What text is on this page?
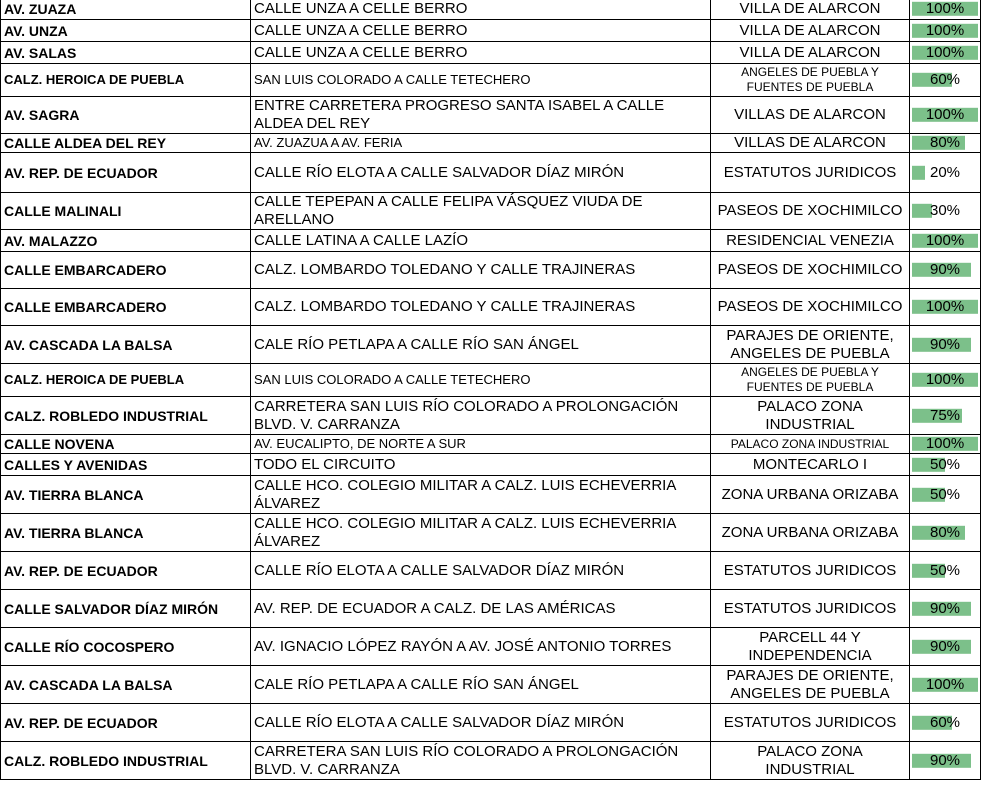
AV. ZUAZA	CALLE UNZA A CELLE BERRO	VILLA DE ALARCON	100%

AV. UNZA	CALLE UNZA A CELLE BERRO	VILLA DE ALARCON	100%

AV. SALAS	CALLE UNZA A CELLE BERRO	VILLA DE ALARCON	100%

CALZ. HEROICA DE PUEBLA	SAN LUIS COLORADO A CALLE TETECHERO	ANGELES DE PUEBLA Y FUENTES DE PUEBLA	60%

AV. SAGRA	ENTRE CARRETERA PROGRESO SANTA ISABEL A CALLE ALDEA DEL REY	VILLAS DE ALARCON	100%

CALLE ALDEA DEL REY	AV. ZUAZUA A AV. FERIA	VILLAS DE ALARCON	80%

AV. REP. DE ECUADOR	CALLE RÍO ELOTA A CALLE SALVADOR DÍAZ MIRÓN	ESTATUTOS JURIDICOS	20%

CALLE MALINALI	CALLE TEPEPAN A CALLE FELIPA VÁSQUEZ VIUDA DE ARELLANO	PASEOS DE XOCHIMILCO	30%

AV. MALAZZO	CALLE LATINA A CALLE LAZÍO	RESIDENCIAL VENEZIA	100%

CALLE EMBARCADERO	CALZ. LOMBARDO TOLEDANO Y CALLE TRAJINERAS	PASEOS DE XOCHIMILCO	90%

CALLE EMBARCADERO	CALZ. LOMBARDO TOLEDANO Y CALLE TRAJINERAS	PASEOS DE XOCHIMILCO	100%

AV. CASCADA LA BALSA	CALE RÍO PETLAPA A CALLE RÍO SAN ÁNGEL	PARAJES DE ORIENTE, ANGELES DE PUEBLA	90%

CALZ. HEROICA DE PUEBLA	SAN LUIS COLORADO A CALLE TETECHERO	ANGELES DE PUEBLA Y FUENTES DE PUEBLA	100%

CALZ. ROBLEDO INDUSTRIAL	CARRETERA SAN LUIS RÍO COLORADO A PROLONGACIÓN BLVD. V. CARRANZA	PALACO ZONA INDUSTRIAL	75%

CALLE NOVENA	AV. EUCALIPTO, DE NORTE A SUR	PALACO ZONA INDUSTRIAL	100%

CALLES Y AVENIDAS	TODO EL CIRCUITO	MONTECARLO I	50%

AV. TIERRA BLANCA	CALLE HCO. COLEGIO MILITAR A CALZ. LUIS ECHEVERRIA ÁLVAREZ	ZONA URBANA ORIZABA	50%

AV. TIERRA BLANCA	CALLE HCO. COLEGIO MILITAR A CALZ. LUIS ECHEVERRIA ÁLVAREZ	ZONA URBANA ORIZABA	80%

AV. REP. DE ECUADOR	CALLE RÍO ELOTA A CALLE SALVADOR DÍAZ MIRÓN	ESTATUTOS JURIDICOS	50%

CALLE SALVADOR DÍAZ MIRÓN	AV. REP. DE ECUADOR A CALZ. DE LAS AMÉRICAS	ESTATUTOS JURIDICOS	90%

CALLE RÍO COCOSPERO	AV. IGNACIO LÓPEZ RAYÓN A AV. JOSÉ ANTONIO TORRES	PARCELL 44 Y INDEPENDENCIA	90%

AV. CASCADA LA BALSA	CALE RÍO PETLAPA A CALLE RÍO SAN ÁNGEL	PARAJES DE ORIENTE, ANGELES DE PUEBLA	100%

AV. REP. DE ECUADOR	CALLE RÍO ELOTA A CALLE SALVADOR DÍAZ MIRÓN	ESTATUTOS JURIDICOS	60%

CALZ. ROBLEDO INDUSTRIAL	CARRETERA SAN LUIS RÍO COLORADO A PROLONGACIÓN BLVD. V. CARRANZA	PALACO ZONA INDUSTRIAL	90%
